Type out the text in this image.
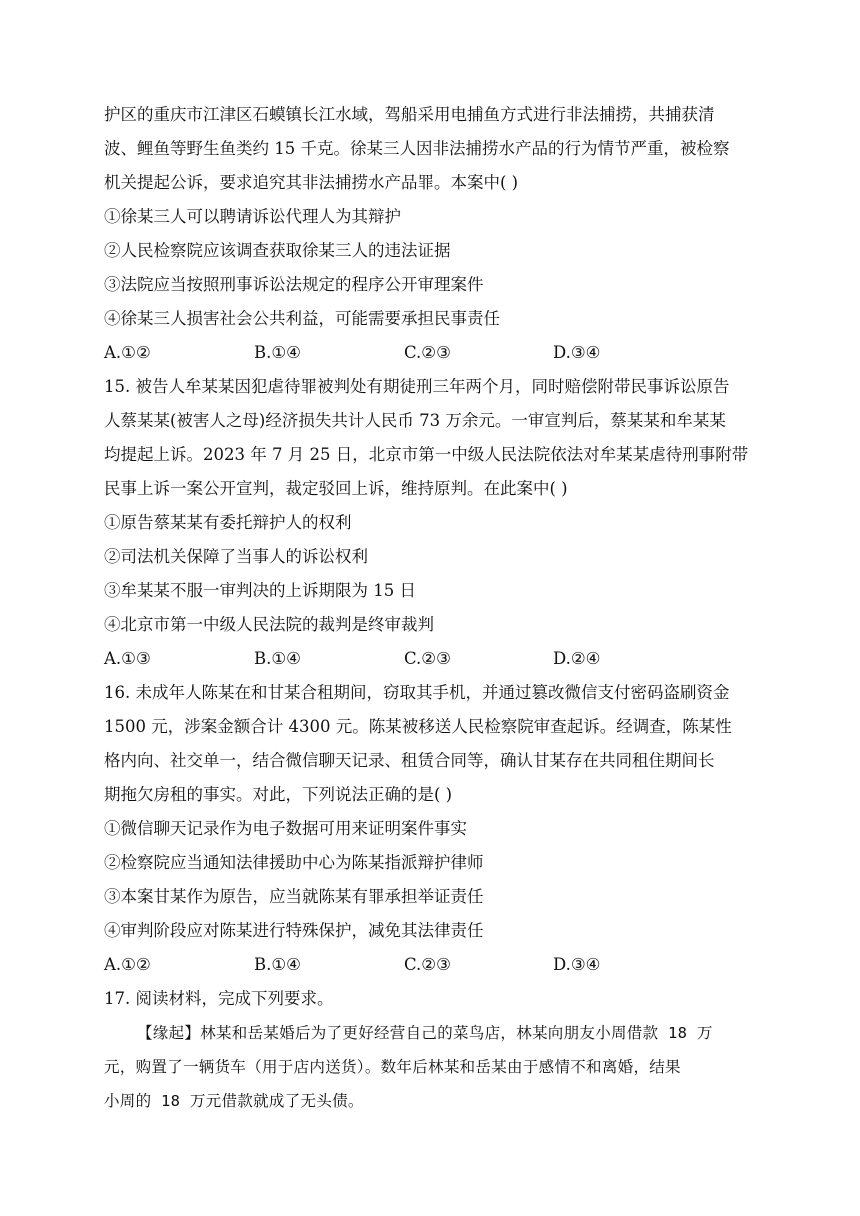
护区的重庆市江津区石蟆镇长江水域，驾船采用电捕鱼方式进行非法捕捞，共捕获清
波、鲤鱼等野生鱼类约 15 千克。徐某三人因非法捕捞水产品的行为情节严重，被检察
机关提起公诉，要求追究其非法捕捞水产品罪。本案中( )
①徐某三人可以聘请诉讼代理人为其辩护
②人民检察院应该调查获取徐某三人的违法证据
③法院应当按照刑事诉讼法规定的程序公开审理案件
④徐某三人损害社会公共利益，可能需要承担民事责任
A.①②	B.①④	C.②③	D.③④
15. 被告人牟某某因犯虐待罪被判处有期徒刑三年两个月，同时赔偿附带民事诉讼原告
人蔡某某(被害人之母)经济损失共计人民币 73 万余元。一审宣判后，蔡某某和牟某某
均提起上诉。2023 年 7 月 25 日，北京市第一中级人民法院依法对牟某某虐待刑事附带
民事上诉一案公开宣判，裁定驳回上诉，维持原判。在此案中( )
①原告蔡某某有委托辩护人的权利
②司法机关保障了当事人的诉讼权利
③牟某某不服一审判决的上诉期限为 15 日
④北京市第一中级人民法院的裁判是终审裁判
A.①③	B.①④	C.②③	D.②④
16. 未成年人陈某在和甘某合租期间，窃取其手机，并通过篡改微信支付密码盗刷资金
1500 元，涉案金额合计 4300 元。陈某被移送人民检察院审查起诉。经调查，陈某性
格内向、社交单一，结合微信聊天记录、租赁合同等，确认甘某存在共同租住期间长
期拖欠房租的事实。对此，下列说法正确的是( )
①微信聊天记录作为电子数据可用来证明案件事实
②检察院应当通知法律援助中心为陈某指派辩护律师
③本案甘某作为原告，应当就陈某有罪承担举证责任
④审判阶段应对陈某进行特殊保护，减免其法律责任
A.①②	B.①④	C.②③	D.③④
17. 阅读材料，完成下列要求。
【缘起】林某和岳某婚后为了更好经营自己的菜鸟店，林某向朋友小周借款 18 万
元，购置了一辆货车（用于店内送货）。数年后林某和岳某由于感情不和离婚，结果
小周的 18 万元借款就成了无头债。
